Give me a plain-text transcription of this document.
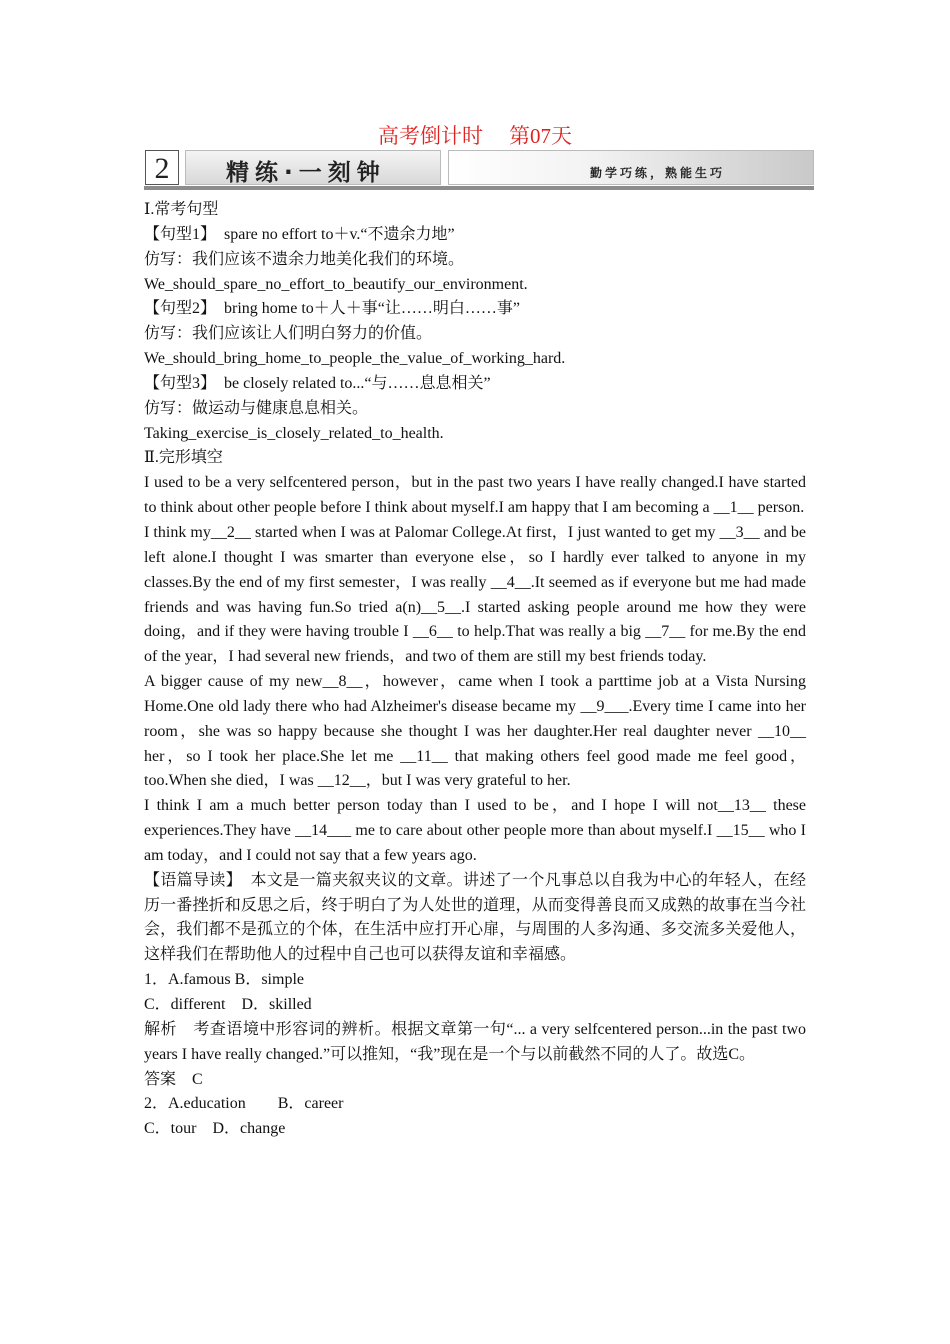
高考倒计时 第07天
2	精练·一刻钟	勤学巧练，熟能生巧

Ⅰ.常考句型

【句型1】　spare no effort to＋v.“不遗余力地”

仿写：我们应该不遗余力地美化我们的环境。

We_should_spare_no_effort_to_beautify_our_environment.

【句型2】　bring home to＋人＋事“让……明白……事”

仿写：我们应该让人们明白努力的价值。

We_should_bring_home_to_people_the_value_of_working_hard.

【句型3】　be closely related to...“与……息息相关”

仿写：做运动与健康息息相关。

Taking_exercise_is_closely_related_to_health.

Ⅱ.完形填空

I used to be a very selfcentered person，but in the past two years I have really changed.I have started to think about other people before I think about myself.I am happy that I am becoming a __1__ person.

I think my__2__ started when I was at Palomar College.At first，I just wanted to get my __3__ and be left alone.I thought I was smarter than everyone else，so I hardly ever talked to anyone in my classes.By the end of my first semester，I was really __4__.It seemed as if everyone but me had made friends and was having fun.So tried a(n)__5__.I started asking people around me how they were doing，and if they were having trouble I __6__ to help.That was really a big __7__ for me.By the end of the year，I had several new friends，and two of them are still my best friends today.

A bigger cause of my new__8__，however，came when I took a parttime job at a Vista Nursing Home.One old lady there who had Alzheimer's disease became my __9___.Every time I came into her room，she was so happy because she thought I was her daughter.Her real daughter never __10__ her，so I took her place.She let me __11__ that making others feel good made me feel good，too.When she died，I was __12__，but I was very grateful to her.

I think I am a much better person today than I used to be，and I hope I will not__13__ these experiences.They have __14___ me to care about other people more than about myself.I __15__ who I am today，and I could not say that a few years ago.

【语篇导读】　本文是一篇夹叙夹议的文章。讲述了一个凡事总以自我为中心的年轻人，在经历一番挫折和反思之后，终于明白了为人处世的道理，从而变得善良而又成熟的故事在当今社会，我们都不是孤立的个体，在生活中应打开心扉，与周围的人多沟通、多交流多关爱他人，这样我们在帮助他人的过程中自己也可以获得友谊和幸福感。

1．A.famous B．simple

C．different　D．skilled

解析　考查语境中形容词的辨析。根据文章第一句“... a very selfcentered person...in the past two years I have really changed.”可以推知，“我”现在是一个与以前截然不同的人了。故选C。

答案　C

2．A.education　　B．career

C．tour　D．change
